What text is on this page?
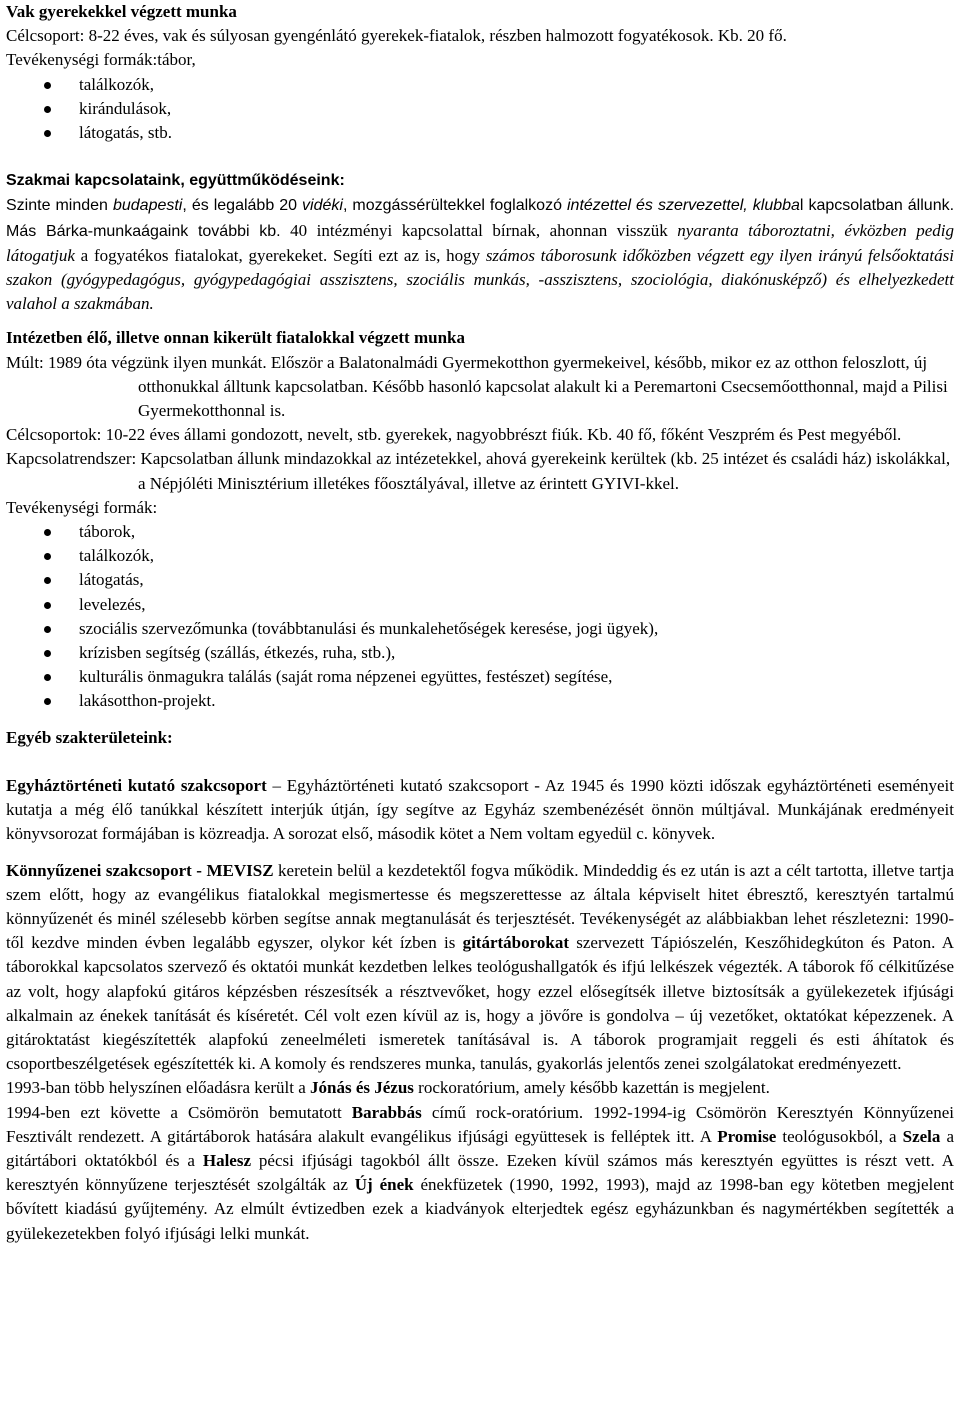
Vak gyerekekkel végzett munka

Célcsoport: 8-22 éves, vak és súlyosan gyengénlátó gyerekek-fiatalok, részben halmozott fogyatékosok. Kb. 20 fő.

Tevékenységi formák:tábor,

találkozók,
kirándulások,
látogatás, stb.

Szakmai kapcsolataink, együttműködéseink:

Szinte minden budapesti, és legalább 20 vidéki, mozgássérültekkel foglalkozó intézettel és szervezettel, klubbal kapcsolatban állunk. Más Bárka-munkaágaink további kb. 40 intézményi kapcsolattal bírnak, ahonnan visszük nyaranta táboroztatni, évközben pedig látogatjuk a fogyatékos fiatalokat, gyerekeket. Segíti ezt az is, hogy számos táborosunk időközben végzett egy ilyen irányú felsőoktatási szakon (gyógypedagógus, gyógypedagógiai asszisztens, szociális munkás, -asszisztens, szociológia, diakónusképző) és elhelyezkedett valahol a szakmában.

Intézetben élő, illetve onnan kikerült fiatalokkal végzett munka

Múlt: 1989 óta végzünk ilyen munkát. Először a Balatonalmádi Gyermekotthon gyermekeivel, később, mikor ez az otthon feloszlott, új otthonukkal álltunk kapcsolatban. Később hasonló kapcsolat alakult ki a Peremartoni Csecsemőotthonnal, majd a Pilisi Gyermekotthonnal is.

Célcsoportok: 10-22 éves állami gondozott, nevelt, stb. gyerekek, nagyobbrészt fiúk. Kb. 40 fő, főként Veszprém és Pest megyéből.

Kapcsolatrendszer: Kapcsolatban állunk mindazokkal az intézetekkel, ahová gyerekeink kerültek (kb. 25 intézet és családi ház) iskolákkal, a Népjóléti Minisztérium illetékes főosztályával, illetve az érintett GYIVI-kkel.

Tevékenységi formák:

táborok,
találkozók,
látogatás,
levelezés,
szociális szervezőmunka (továbbtanulási és munkalehetőségek keresése, jogi ügyek),
krízisben segítség (szállás, étkezés, ruha, stb.),
kulturális önmagukra találás (saját roma népzenei együttes, festészet) segítése,
lakásotthon-projekt.

Egyéb szakterületeink:

Egyháztörténeti kutató szakcsoport – Egyháztörténeti kutató szakcsoport - Az 1945 és 1990 közti időszak egyháztörténeti eseményeit kutatja a még élő tanúkkal készített interjúk útján, így segítve az Egyház szembenézését önnön múltjával. Munkájának eredményeit könyvsorozat formájában is közreadja. A sorozat első, második kötet a Nem voltam egyedül c. könyvek.

Könnyűzenei szakcsoport - MEVISZ keretein belül a kezdetektől fogva működik. Mindeddig és ez után is azt a célt tartotta, illetve tartja szem előtt, hogy az evangélikus fiatalokkal megismertesse és megszerettesse az általa képviselt hitet ébresztő, keresztyén tartalmú könnyűzenét és minél szélesebb körben segítse annak megtanulását és terjesztését. Tevékenységét az alábbiakban lehet részletezni: 1990-től kezdve minden évben legalább egyszer, olykor két ízben is gitártáborokat szervezett Tápiószelén, Keszőhidegkúton és Paton. A táborokkal kapcsolatos szervező és oktatói munkát kezdetben lelkes teológushallgatók és ifjú lelkészek végezték. A táborok fő célkitűzése az volt, hogy alapfokú gitáros képzésben részesítsék a résztvevőket, hogy ezzel elősegítsék illetve biztosítsák a gyülekezetek ifjúsági alkalmain az énekek tanítását és kíséretét. Cél volt ezen kívül az is, hogy a jövőre is gondolva – új vezetőket, oktatókat képezzenek. A gitároktatást kiegészítették alapfokú zeneelméleti ismeretek tanításával is. A táborok programjait reggeli és esti áhítatok és csoportbeszélgetések egészítették ki. A komoly és rendszeres munka, tanulás, gyakorlás jelentős zenei szolgálatokat eredményezett.

1993-ban több helyszínen előadásra került a Jónás és Jézus rockoratórium, amely később kazettán is megjelent.

1994-ben ezt követte a Csömörön bemutatott Barabbás című rock-oratórium. 1992-1994-ig Csömörön Keresztyén Könnyűzenei Fesztivált rendezett. A gitártáborok hatására alakult evangélikus ifjúsági együttesek is felléptek itt. A Promise teológusokból, a Szela a gitártábori oktatókból és a Halesz pécsi ifjúsági tagokból állt össze. Ezeken kívül számos más keresztyén együttes is részt vett. A keresztyén könnyűzene terjesztését szolgálták az Új ének énekfüzetek (1990, 1992, 1993), majd az 1998-ban egy kötetben megjelent bővített kiadású gyűjtemény. Az elmúlt évtizedben ezek a kiadványok elterjedtek egész egyházunkban és nagymértékben segítették a gyülekezetekben folyó ifjúsági lelki munkát.
